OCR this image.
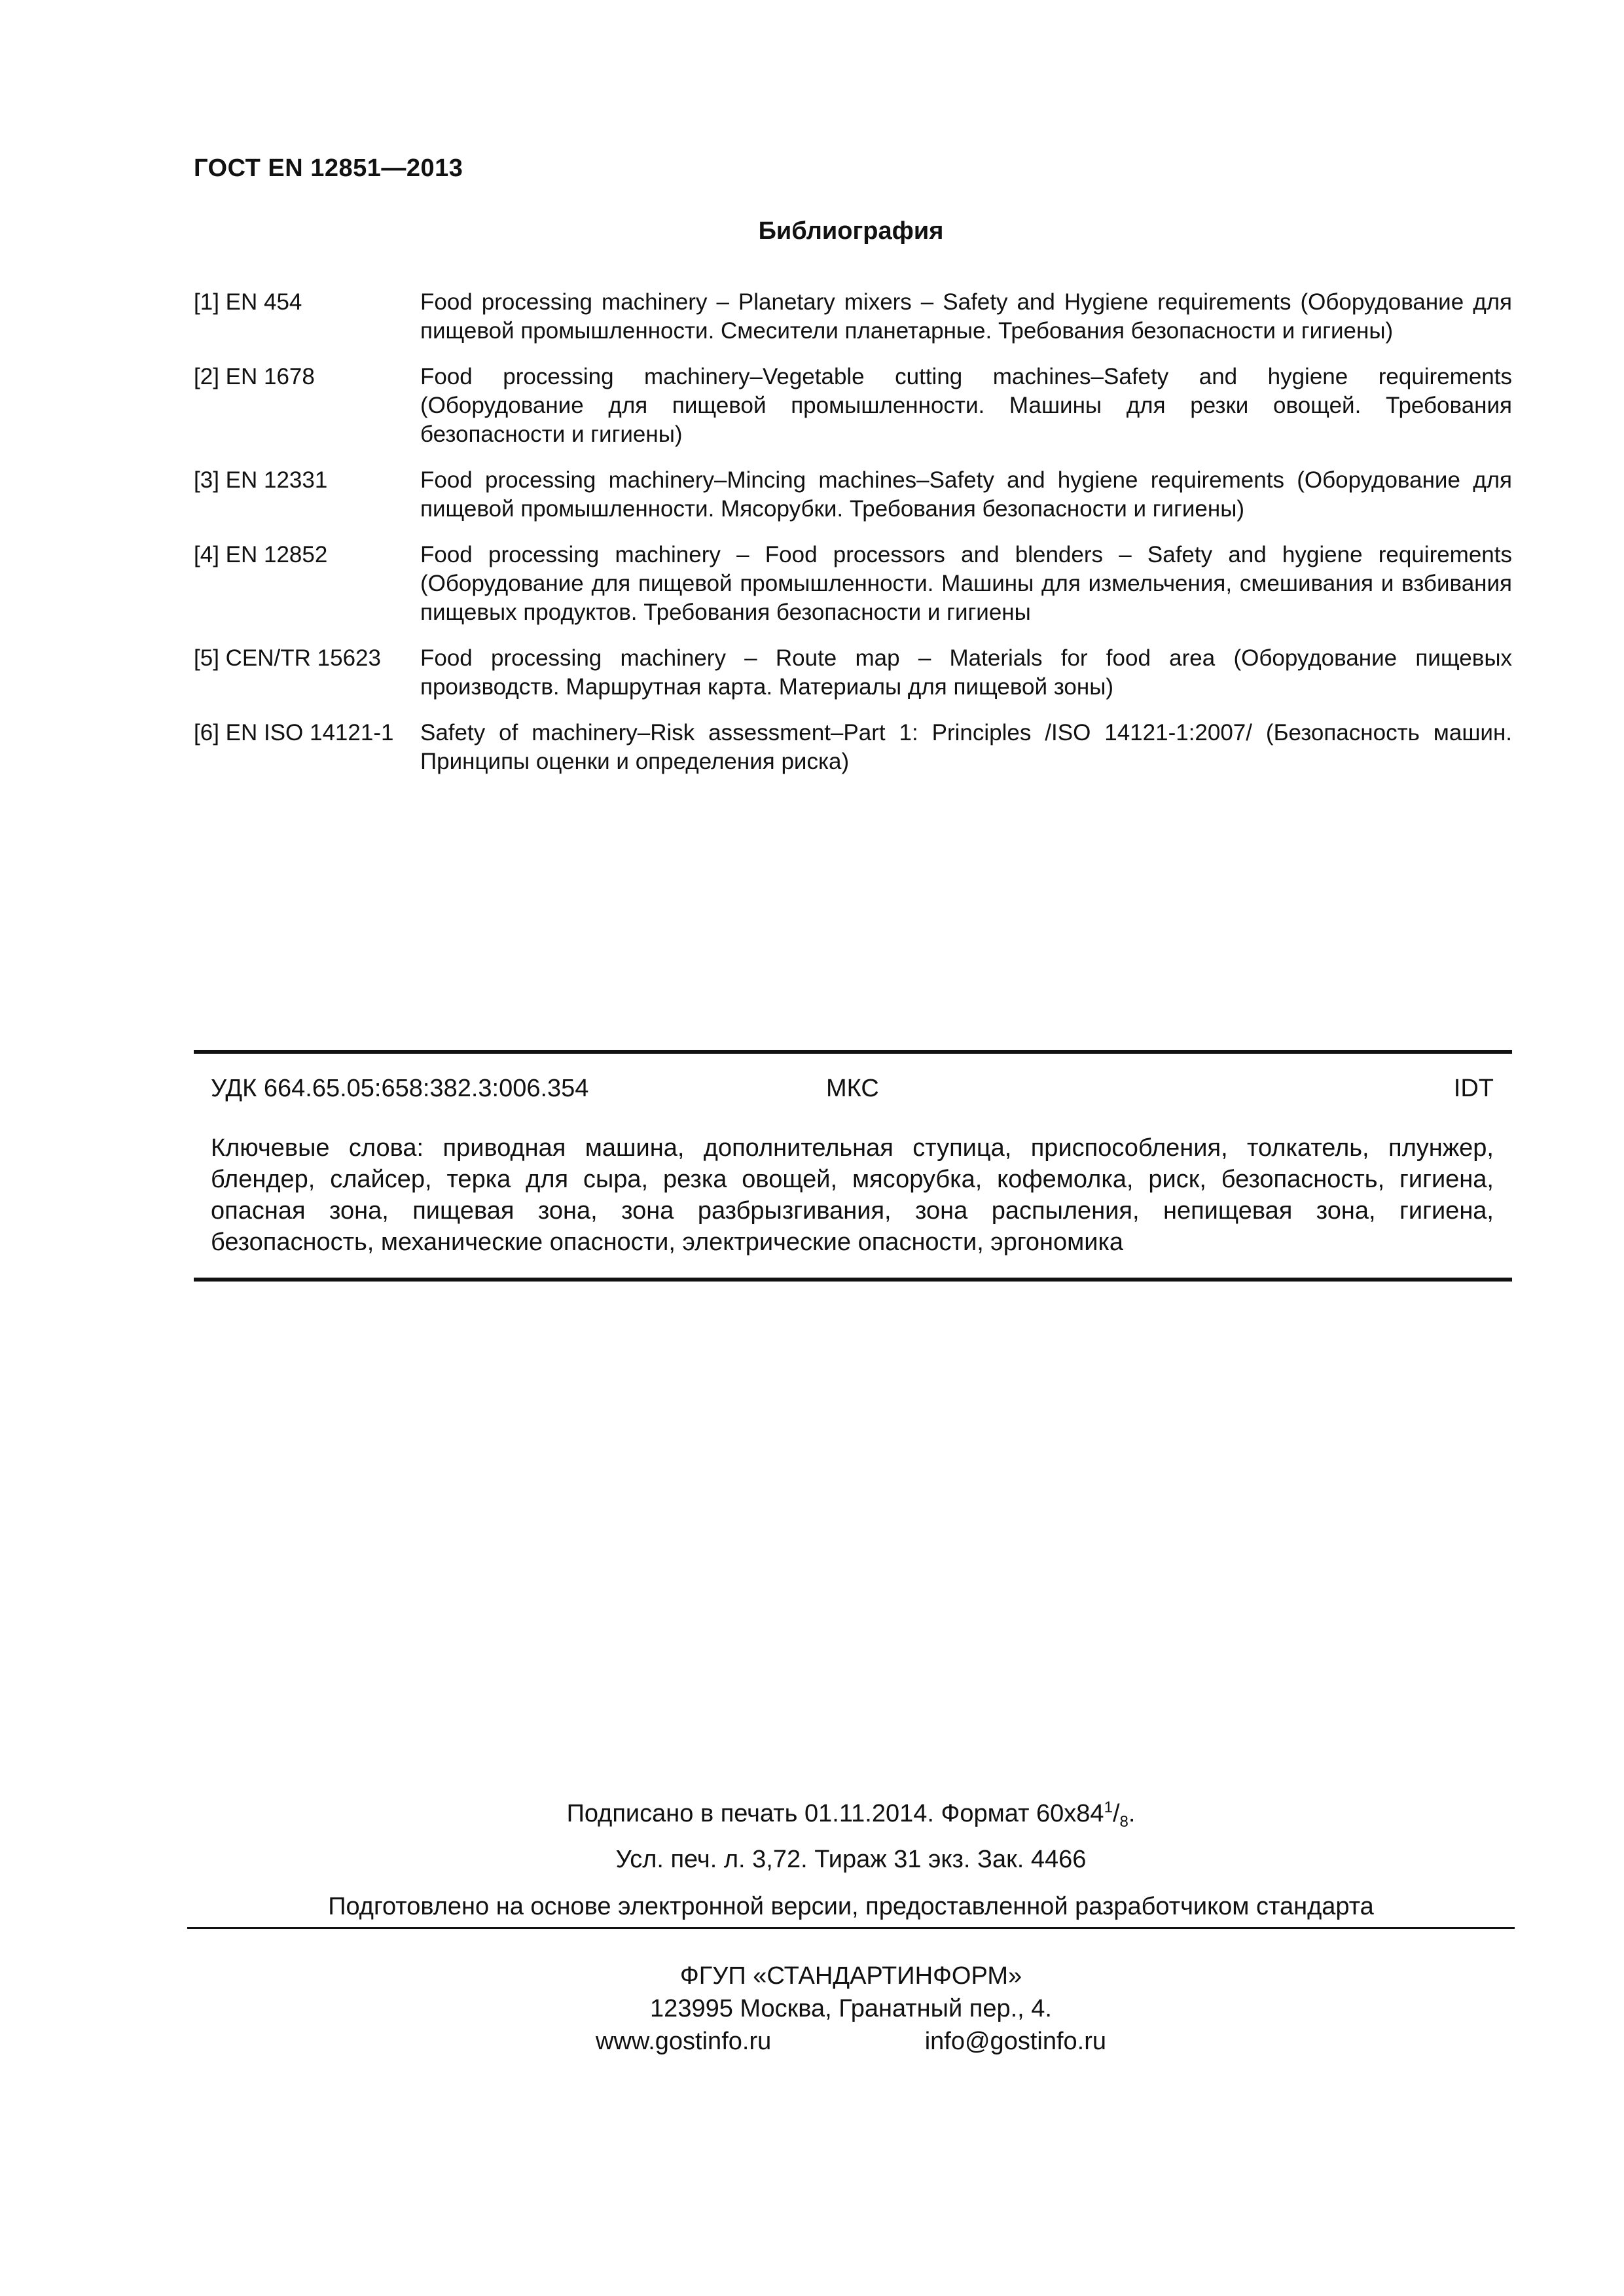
ГОСТ EN 12851—2013
Библиография
[1] EN 454	Food processing machinery – Planetary mixers – Safety and Hygiene requirements (Оборудование для пищевой промышленности. Смесители планетарные. Требования безопасности и гигиены)
[2] EN 1678	Food processing machinery–Vegetable cutting machines–Safety and hygiene requirements (Оборудование для пищевой промышленности. Машины для резки овощей. Требования безопасности и гигиены)
[3] EN 12331	Food processing machinery–Mincing machines–Safety and hygiene requirements (Оборудование для пищевой промышленности. Мясорубки. Требования безопасности и гигиены)
[4] EN 12852	Food processing machinery – Food processors and blenders – Safety and hygiene requirements (Оборудование для пищевой промышленности. Машины для измельчения, смешивания и взбивания пищевых продуктов. Требования безопасности и гигиены
[5] CEN/TR 15623	Food processing machinery – Route map – Materials for food area (Оборудование пищевых производств. Маршрутная карта. Материалы для пищевой зоны)
[6] EN ISO 14121-1	Safety of machinery–Risk assessment–Part 1: Principles /ISO 14121-1:2007/ (Безопасность машин. Принципы оценки и определения риска)
УДК 664.65.05:658:382.3:006.354	МКС	IDT
Ключевые слова: приводная машина, дополнительная ступица, приспособления, толкатель, плунжер, блендер, слайсер, терка для сыра, резка овощей, мясорубка, кофемолка, риск, безопасность, гигиена, опасная зона, пищевая зона, зона разбрызгивания, зона распыления, непищевая зона, гигиена, безопасность, механические опасности, электрические опасности, эргономика
Подписано в печать 01.11.2014. Формат $60х84^1/_8$.
Усл. печ. л. 3,72. Тираж 31 экз. Зак. 4466
Подготовлено на основе электронной версии, предоставленной разработчиком стандарта
ФГУП «СТАНДАРТИНФОРМ»
123995 Москва, Гранатный пер., 4.
www.gostinfo.ru	info@gostinfo.ru
